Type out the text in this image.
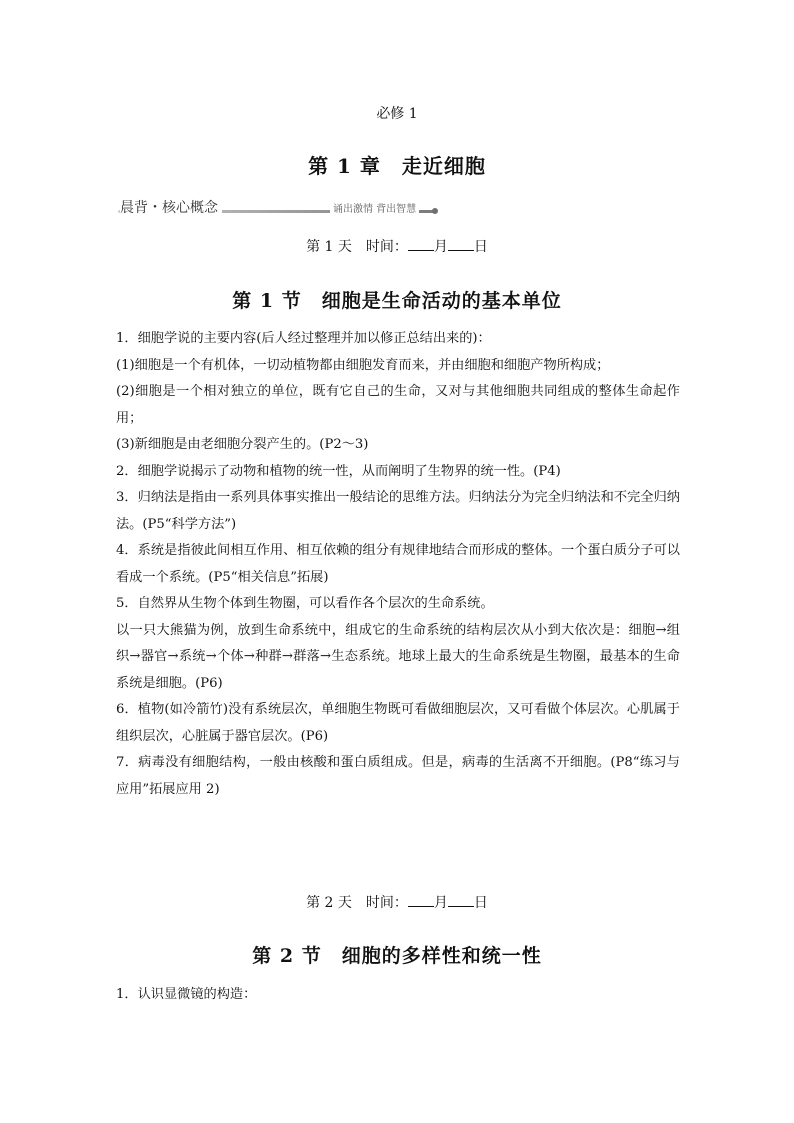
必修 1
第 1 章　走近细胞
晨背・核心概念	诵出激情 背出智慧
第 1 天　时间： 月 日
第 1 节　细胞是生命活动的基本单位
1．细胞学说的主要内容(后人经过整理并加以修正总结出来的)：
(1)细胞是一个有机体，一切动植物都由细胞发育而来，并由细胞和细胞产物所构成；
(2)细胞是一个相对独立的单位，既有它自己的生命，又对与其他细胞共同组成的整体生命起作用；
(3)新细胞是由老细胞分裂产生的。(P2～3)
2．细胞学说揭示了动物和植物的统一性，从而阐明了生物界的统一性。(P4)
3．归纳法是指由一系列具体事实推出一般结论的思维方法。归纳法分为完全归纳法和不完全归纳法。(P5“科学方法”)
4．系统是指彼此间相互作用、相互依赖的组分有规律地结合而形成的整体。一个蛋白质分子可以看成一个系统。(P5“相关信息”拓展)
5．自然界从生物个体到生物圈，可以看作各个层次的生命系统。
以一只大熊猫为例，放到生命系统中，组成它的生命系统的结构层次从小到大依次是：细胞→组织→器官→系统→个体→种群→群落→生态系统。地球上最大的生命系统是生物圈，最基本的生命系统是细胞。(P6)
6．植物(如冷箭竹)没有系统层次，单细胞生物既可看做细胞层次，又可看做个体层次。心肌属于组织层次，心脏属于器官层次。(P6)
7．病毒没有细胞结构，一般由核酸和蛋白质组成。但是，病毒的生活离不开细胞。(P8“练习与应用”拓展应用 2)
第 2 天　时间： 月 日
第 2 节　细胞的多样性和统一性
1．认识显微镜的构造：
